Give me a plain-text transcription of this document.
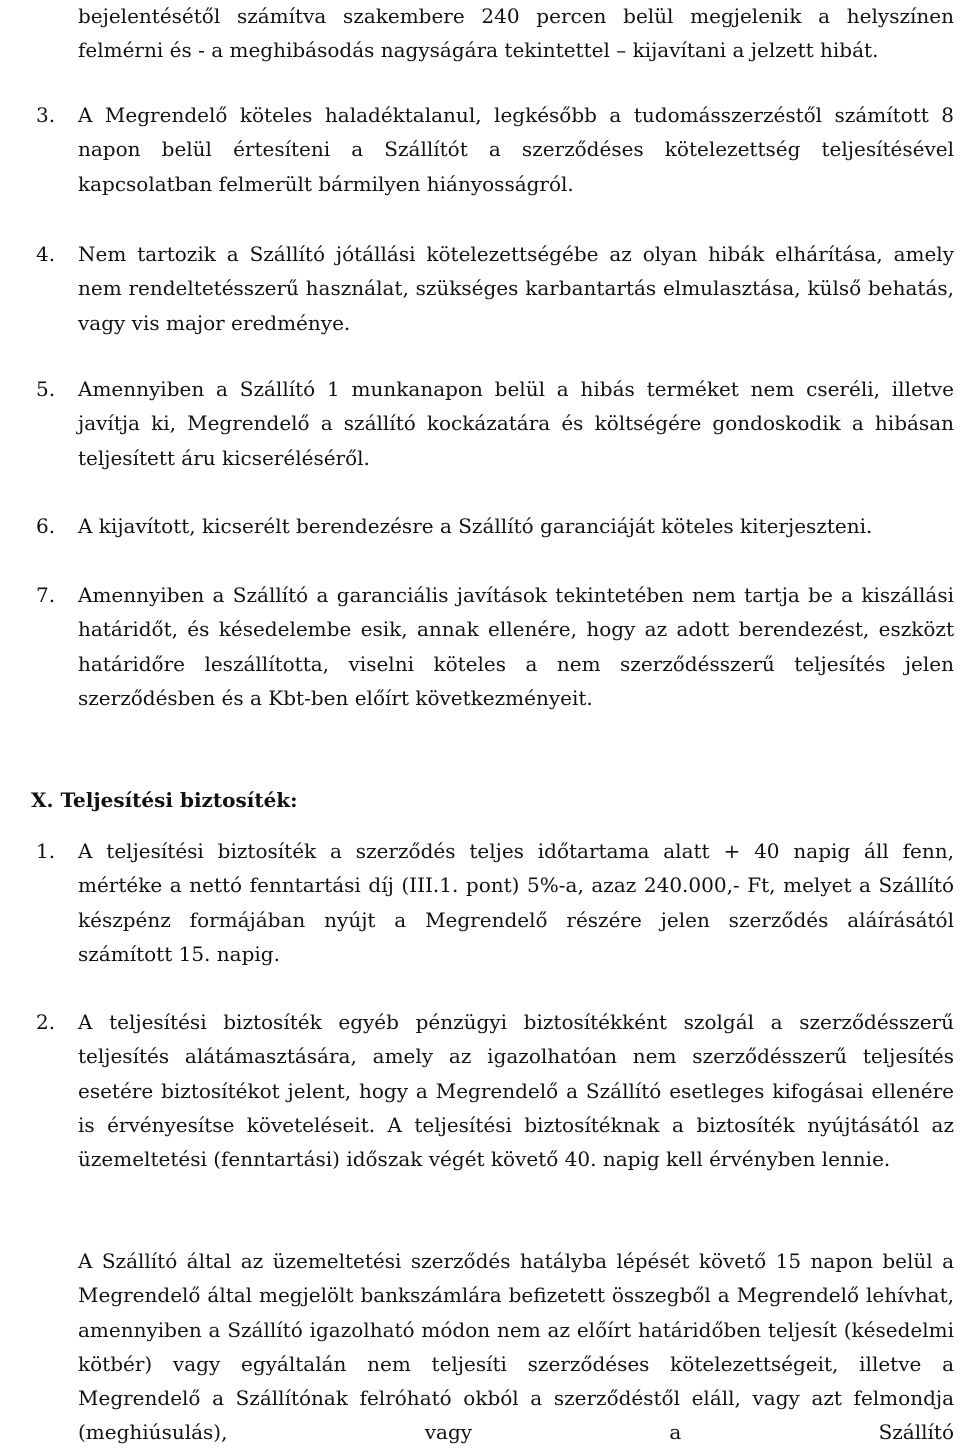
bejelentésétől számítva szakembere 240 percen belül megjelenik a helyszínen felmérni és - a meghibásodás nagyságára tekintettel – kijavítani a jelzett hibát.

3. A Megrendelő köteles haladéktalanul, legkésőbb a tudomásszerzéstől számított 8 napon belül értesíteni a Szállítót a szerződéses kötelezettség teljesítésével kapcsolatban felmerült bármilyen hiányosságról.
4. Nem tartozik a Szállító jótállási kötelezettségébe az olyan hibák elhárítása, amely nem rendeltetésszerű használat, szükséges karbantartás elmulasztása, külső behatás, vagy vis major eredménye.
5. Amennyiben a Szállító 1 munkanapon belül a hibás terméket nem cseréli, illetve javítja ki, Megrendelő a szállító kockázatára és költségére gondoskodik a hibásan teljesített áru kicseréléséről.
6. A kijavított, kicserélt berendezésre a Szállító garanciáját köteles kiterjeszteni.
7. Amennyiben a Szállító a garanciális javítások tekintetében nem tartja be a kiszállási határidőt, és késedelembe esik, annak ellenére, hogy az adott berendezést, eszközt határidőre leszállította, viselni köteles a nem szerződésszerű teljesítés jelen szerződésben és a Kbt-ben előírt következményeit.
X. Teljesítési biztosíték:
1. A teljesítési biztosíték a szerződés teljes időtartama alatt + 40 napig áll fenn, mértéke a nettó fenntartási díj (III.1. pont) 5%-a, azaz 240.000,- Ft, melyet a Szállító készpénz formájában nyújt a Megrendelő részére jelen szerződés aláírásától számított 15. napig.
2. A teljesítési biztosíték egyéb pénzügyi biztosítékként szolgál a szerződésszerű teljesítés alátámasztására, amely az igazolhatóan nem szerződésszerű teljesítés esetére biztosítékot jelent, hogy a Megrendelő a Szállító esetleges kifogásai ellenére is érvényesítse követeléseit. A teljesítési biztosítéknak a biztosíték nyújtásától az üzemeltetési (fenntartási) időszak végét követő 40. napig kell érvényben lennie.

A Szállító által az üzemeltetési szerződés hatályba lépését követő 15 napon belül a Megrendelő által megjelölt bankszámlára befizetett összegből a Megrendelő lehívhat, amennyiben a Szállító igazolható módon nem az előírt határidőben teljesít (késedelmi kötbér) vagy egyáltalán nem teljesíti szerződéses kötelezettségeit, illetve a Megrendelő a Szállítónak felróható okból a szerződéstől eláll, vagy azt felmondja (meghiúsulás), vagy a Szállító
